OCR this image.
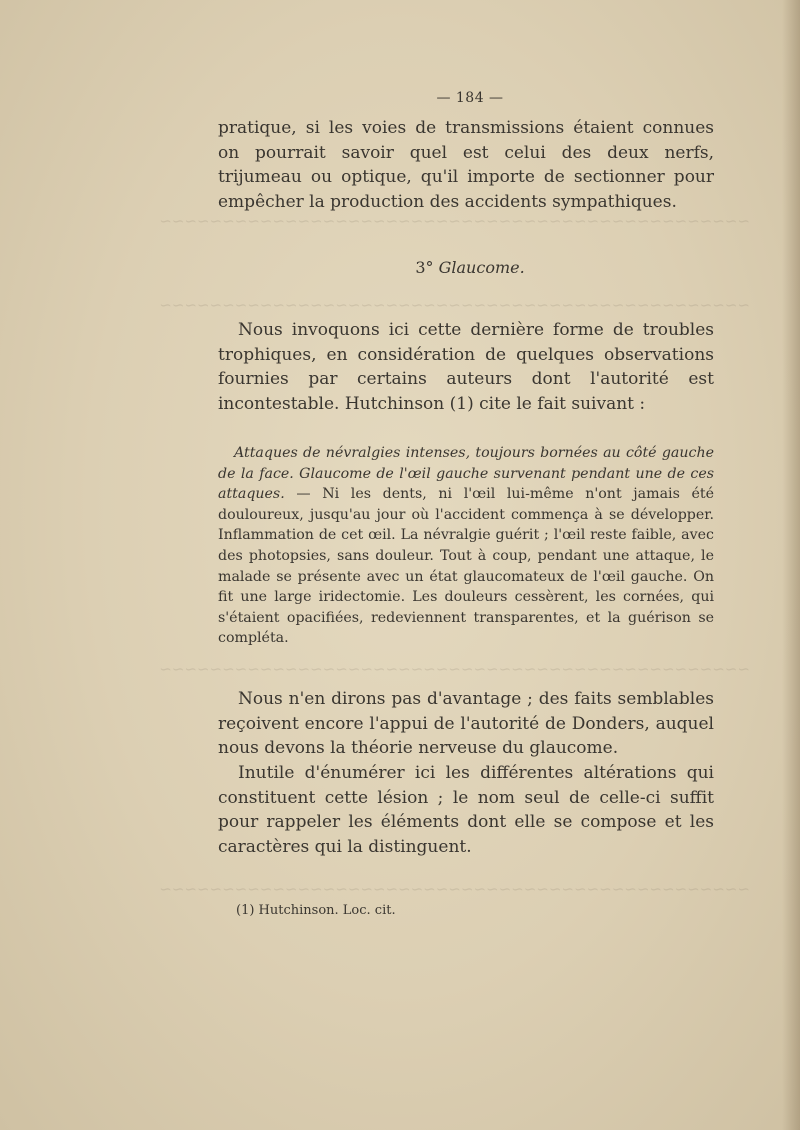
~~~~~~~~~~~~~~~~~~~~~~~~~~~~~~~~~~~~~~~~~~~~~~~
~~~~~~~~~~~~~~~~~~~~~~~~~~~~~~~~~~~~~~~~~~~~~~~
~~~~~~~~~~~~~~~~~~~~~~~~~~~~~~~~~~~~~~~~~~~~~~~
~~~~~~~~~~~~~~~~~~~~~~~~~~~~~~~~~~~~~~~~~~~~~~~
— 184 —

pratique, si les voies de transmissions étaient connues on pourrait savoir quel est celui des deux nerfs, trijumeau ou optique, qu'il importe de sectionner pour empêcher la production des accidents sympathiques.

3° Glaucome.

Nous invoquons ici cette dernière forme de troubles trophiques, en considération de quelques observations fournies par certains auteurs dont l'autorité est incontestable. Hutchinson (1) cite le fait suivant :

Attaques de névralgies intenses, toujours bornées au côté gauche de la face. Glaucome de l'œil gauche survenant pendant une de ces attaques. — Ni les dents, ni l'œil lui-même n'ont jamais été douloureux, jusqu'au jour où l'accident commença à se développer. Inflammation de cet œil. La névralgie guérit ; l'œil reste faible, avec des photopsies, sans douleur. Tout à coup, pendant une attaque, le malade se présente avec un état glaucomateux de l'œil gauche. On fit une large iridectomie. Les douleurs cessèrent, les cornées, qui s'étaient opacifiées, redeviennent transparentes, et la guérison se compléta.

Nous n'en dirons pas d'avantage ; des faits semblables reçoivent encore l'appui de l'autorité de Donders, auquel nous devons la théorie nerveuse du glaucome.

Inutile d'énumérer ici les différentes altérations qui constituent cette lésion ; le nom seul de celle-ci suffit pour rappeler les éléments dont elle se compose et les caractères qui la distinguent.

(1) Hutchinson. Loc. cit.
